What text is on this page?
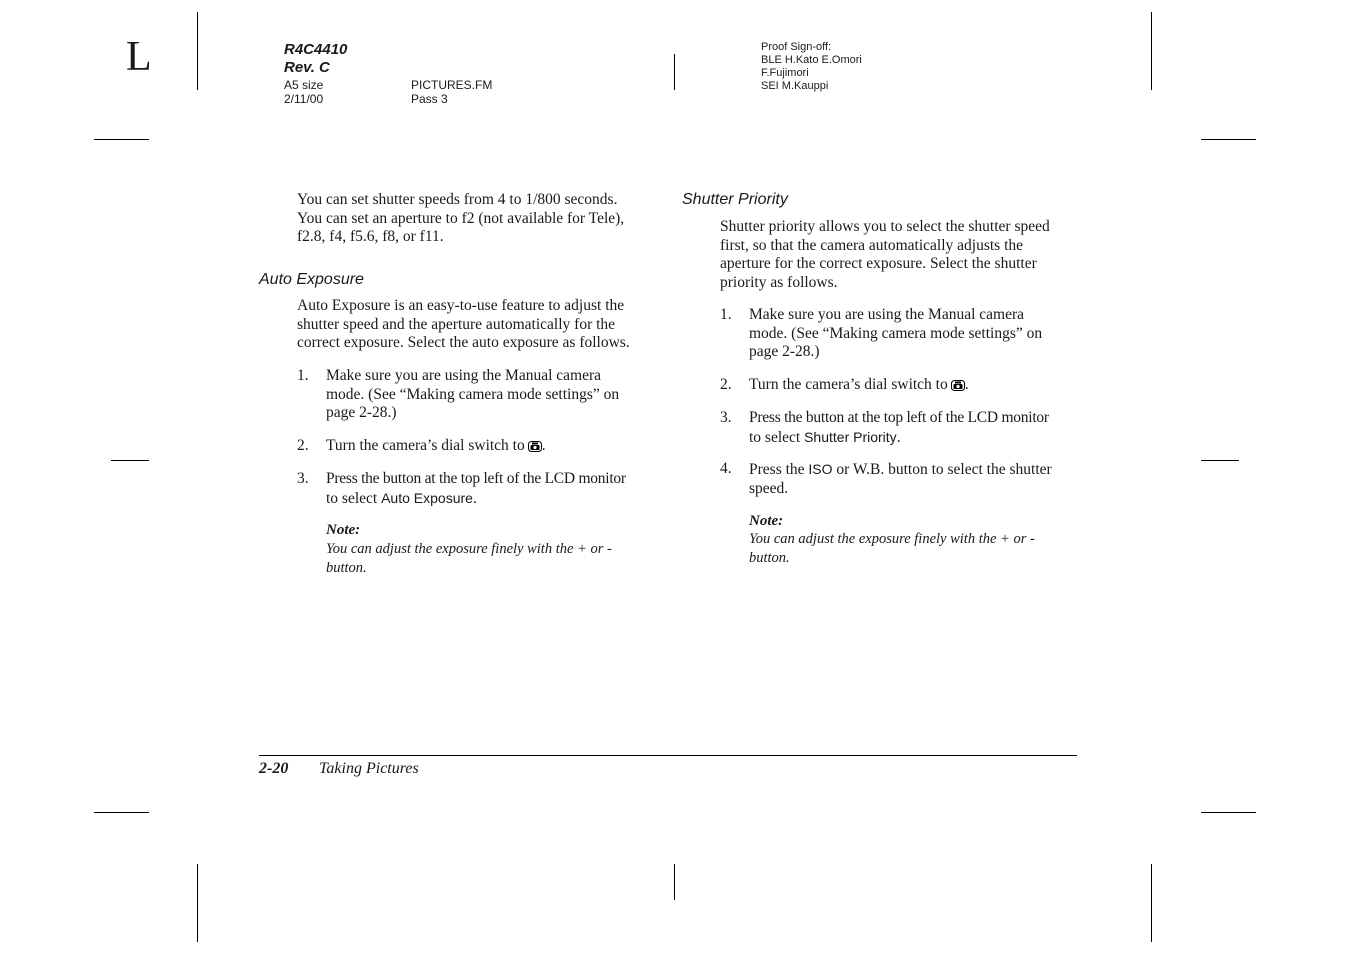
L	R4C4410
Rev. C
A5 size	PICTURES.FM
2/11/00	Pass 3
Proof Sign-off:
BLE H.Kato E.Omori
F.Fujimori
SEI M.Kauppi
You can set shutter speeds from 4 to 1/800 seconds.
You can set an aperture to f2 (not available for Tele),
f2.8, f4, f5.6, f8, or f11.
Auto Exposure
Auto Exposure is an easy-to-use feature to adjust the
shutter speed and the aperture automatically for the
correct exposure. Select the auto exposure as follows.
1. Make sure you are using the Manual camera
mode. (See “Making camera mode settings” on
page 2-28.)
2. Turn the camera’s dial switch to .
3. Press the button at the top left of the LCD monitor
to select Auto Exposure.
Note:
You can adjust the exposure finely with the + or -
button.
Shutter Priority
Shutter priority allows you to select the shutter speed
first, so that the camera automatically adjusts the
aperture for the correct exposure. Select the shutter
priority as follows.
1. Make sure you are using the Manual camera
mode. (See “Making camera mode settings” on
page 2-28.)
2. Turn the camera’s dial switch to .
3. Press the button at the top left of the LCD monitor
to select Shutter Priority.
4. Press the ISO or W.B. button to select the shutter
speed.
Note:
You can adjust the exposure finely with the + or -
button.
2-20 Taking Pictures
